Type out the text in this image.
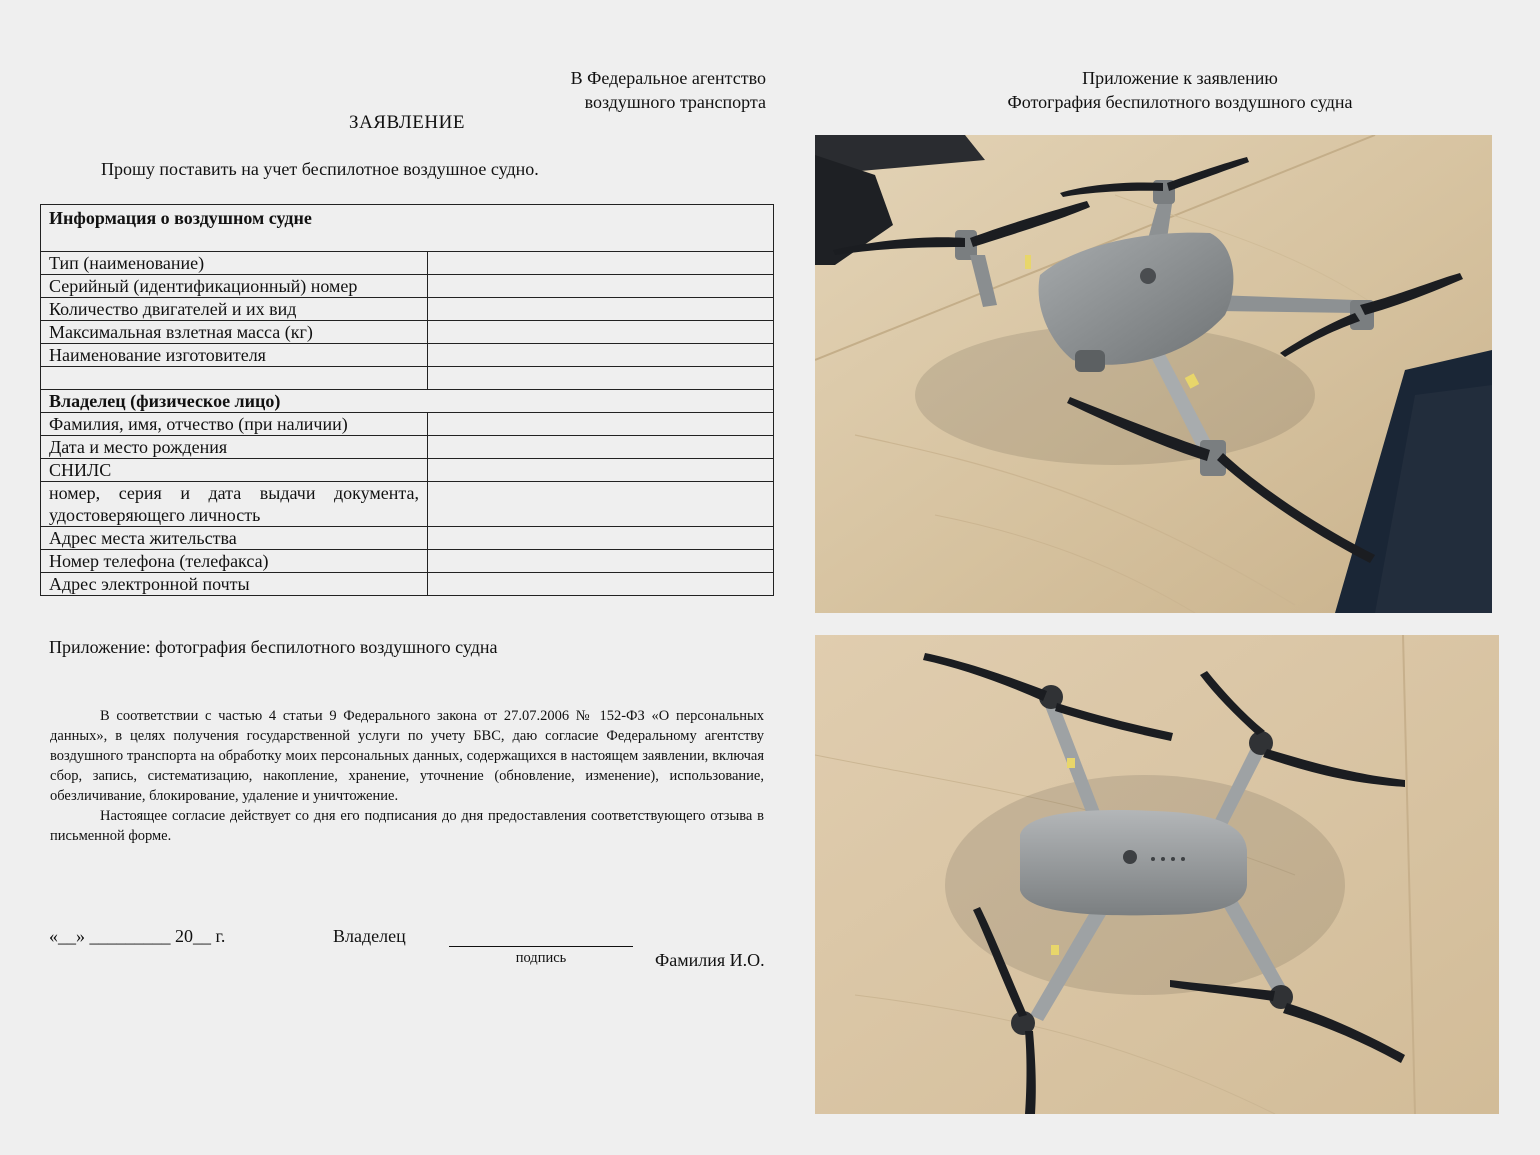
В Федеральное агентство
воздушного транспорта
ЗАЯВЛЕНИЕ
Прошу поставить на учет беспилотное воздушное судно.
Информация о воздушном судне	
Тип (наименование)	
Серийный (идентификационный) номер	
Количество двигателей и их вид	
Максимальная взлетная масса (кг)	
Наименование изготовителя	

Владелец (физическое лицо)	
Фамилия, имя, отчество (при наличии)	
Дата и место рождения	
СНИЛС	
номер, серия и дата выдачи документа, удостоверяющего личность	
Адрес места жительства	
Номер телефона (телефакса)	
Адрес электронной почты	
Приложение: фотография беспилотного воздушного судна

В соответствии с частью 4 статьи 9 Федерального закона от 27.07.2006 № 152-ФЗ «О персональных данных», в целях получения государственной услуги по учету БВС, даю согласие Федеральному агентству воздушного транспорта на обработку моих персональных данных, содержащихся в настоящем заявлении, включая сбор, запись, систематизацию, накопление, хранение, уточнение (обновление, изменение), использование, обезличивание, блокирование, удаление и уничтожение.

Настоящее согласие действует со дня его подписания до дня предоставления соответствующего отзыва в письменной форме.

«__» _________ 20__ г.	Владелец
подпись	Фамилия И.О.
Приложение к заявлению
Фотография беспилотного воздушного судна
